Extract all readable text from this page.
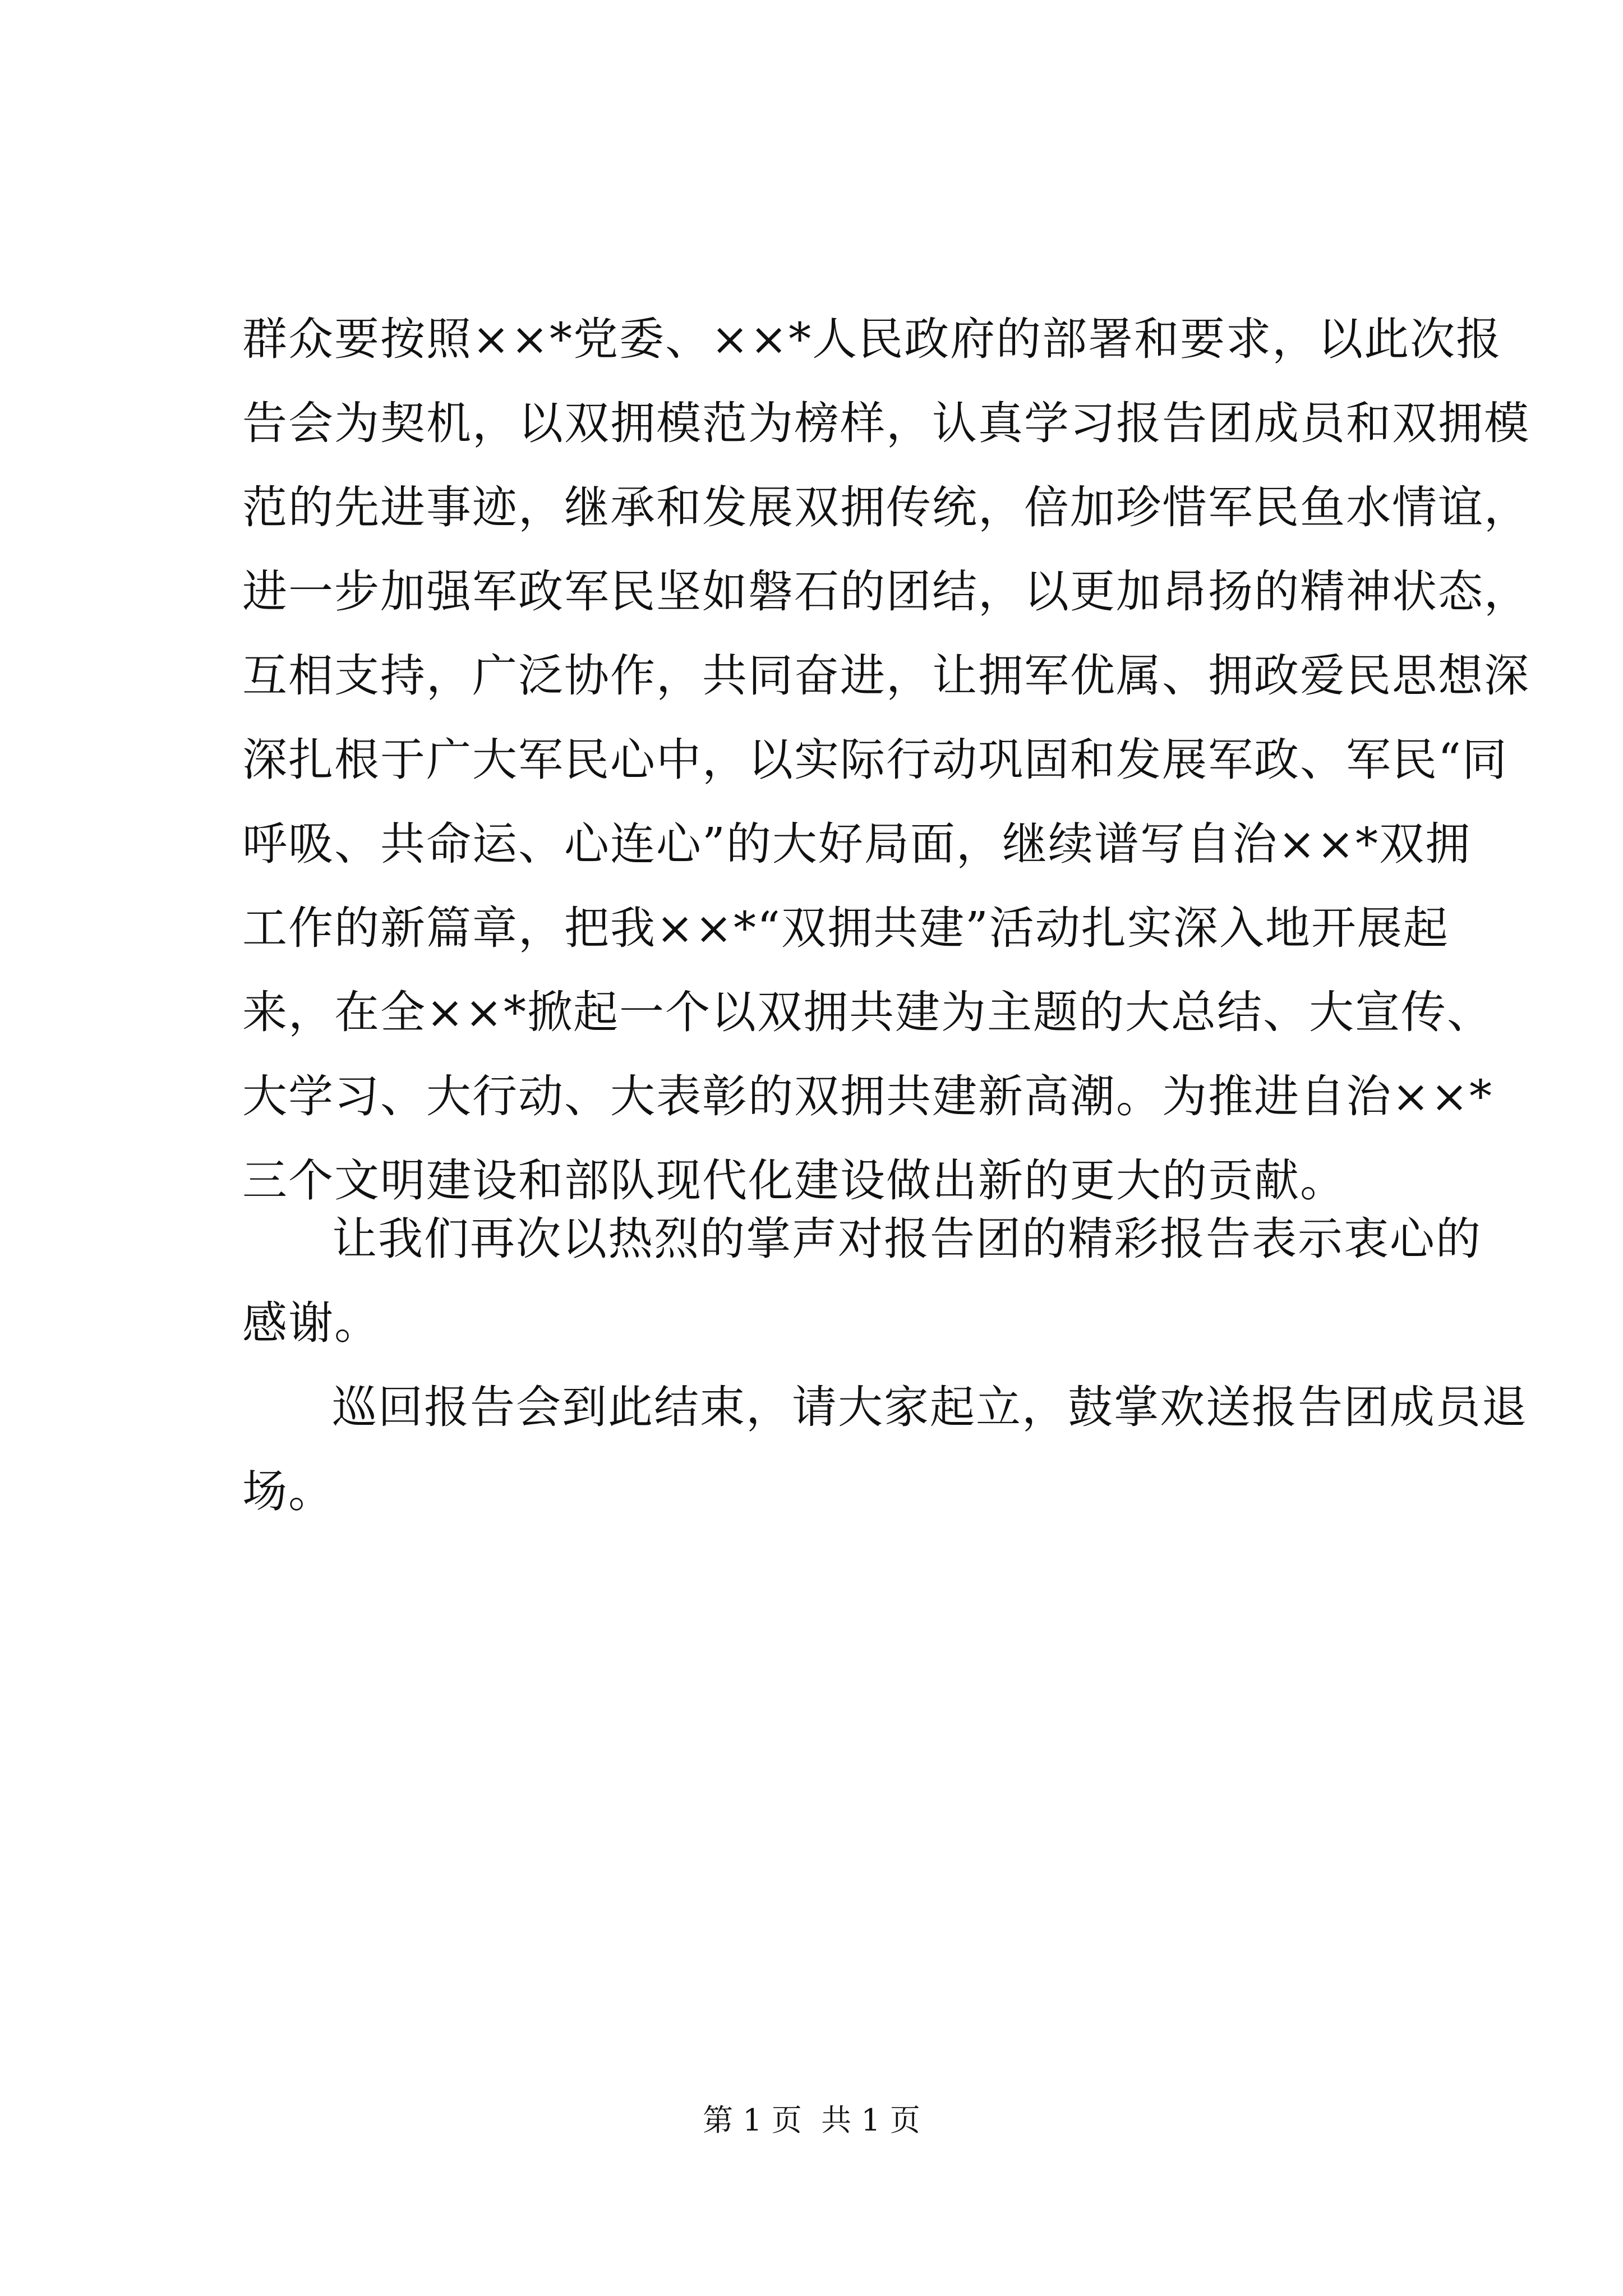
群众要按照××*党委、××*人民政府的部署和要求，以此次报
告会为契机，以双拥模范为榜样，认真学习报告团成员和双拥模
范的先进事迹，继承和发展双拥传统，倍加珍惜军民鱼水情谊，
进一步加强军政军民坚如磐石的团结，以更加昂扬的精神状态，
互相支持，广泛协作，共同奋进，让拥军优属、拥政爱民思想深
深扎根于广大军民心中，以实际行动巩固和发展军政、军民“同
呼吸、共命运、心连心”的大好局面，继续谱写自治××*双拥
工作的新篇章，把我××*“双拥共建”活动扎实深入地开展起
来，在全××*掀起一个以双拥共建为主题的大总结、大宣传、
大学习、大行动、大表彰的双拥共建新高潮。为推进自治××*
三个文明建设和部队现代化建设做出新的更大的贡献。
让我们再次以热烈的掌声对报告团的精彩报告表示衷心的
感谢。
巡回报告会到此结束，请大家起立，鼓掌欢送报告团成员退
场。
第 1 页  共 1 页
